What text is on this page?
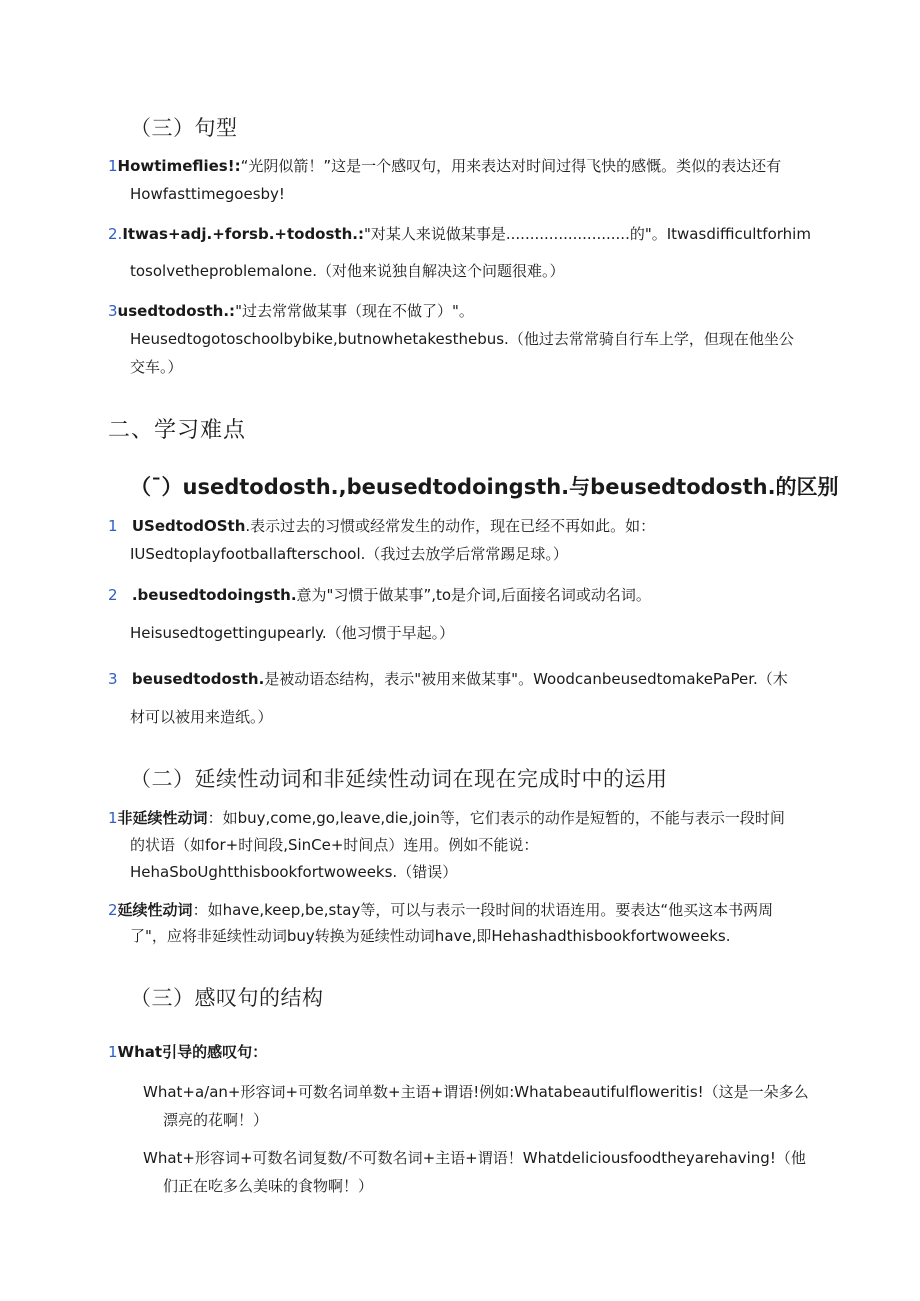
（三）句型
1Howtimeflies!:“光阴似箭！”这是一个感叹句，用来表达对时间过得飞快的感慨。类似的表达还有
Howfasttimegoesby!
2.Itwas+adj.+forsb.+todosth.:"对某人来说做某事是..........................的"。Itwasdifficultforhim
tosolvetheproblemalone.（对他来说独自解决这个问题很难。）
3usedtodosth.:"过去常常做某事（现在不做了）"。
Heusedtogotoschoolbybike,butnowhetakesthebus.（他过去常常骑自行车上学，但现在他坐公
交车。）
二、学习难点
（¯）usedtodosth.,beusedtodoingsth.与beusedtodosth.的区别
1 USedtodOSth.表示过去的习惯或经常发生的动作，现在已经不再如此。如：
IUSedtoplayfootballafterschool.（我过去放学后常常踢足球。）
2 .beusedtodoingsth.意为"习惯于做某事”,to是介词,后面接名词或动名词。
Heisusedtogettingupearly.（他习惯于早起。）
3 beusedtodosth.是被动语态结构，表示"被用来做某事"。WoodcanbeusedtomakePaPer.（木
材可以被用来造纸。）
（二）延续性动词和非延续性动词在现在完成时中的运用
1非延续性动词：如buy,come,go,leave,die,join等，它们表示的动作是短暂的，不能与表示一段时间
的状语（如for+时间段,SinCe+时间点）连用。例如不能说：
HehaSboUghtthisbookfortwoweeks.（错误）
2延续性动词：如have,keep,be,stay等，可以与表示一段时间的状语连用。要表达“他买这本书两周
了"，应将非延续性动词buy转换为延续性动词have,即Hehashadthisbookfortwoweeks.
（三）感叹句的结构
1What引导的感叹句：
What+a/an+形容词+可数名词单数+主语+谓语!例如:Whatabeautifulfloweritis!（这是一朵多么
漂亮的花啊！）
What+形容词+可数名词复数/不可数名词+主语+谓语！Whatdeliciousfoodtheyarehaving!（他
们正在吃多么美味的食物啊！）
